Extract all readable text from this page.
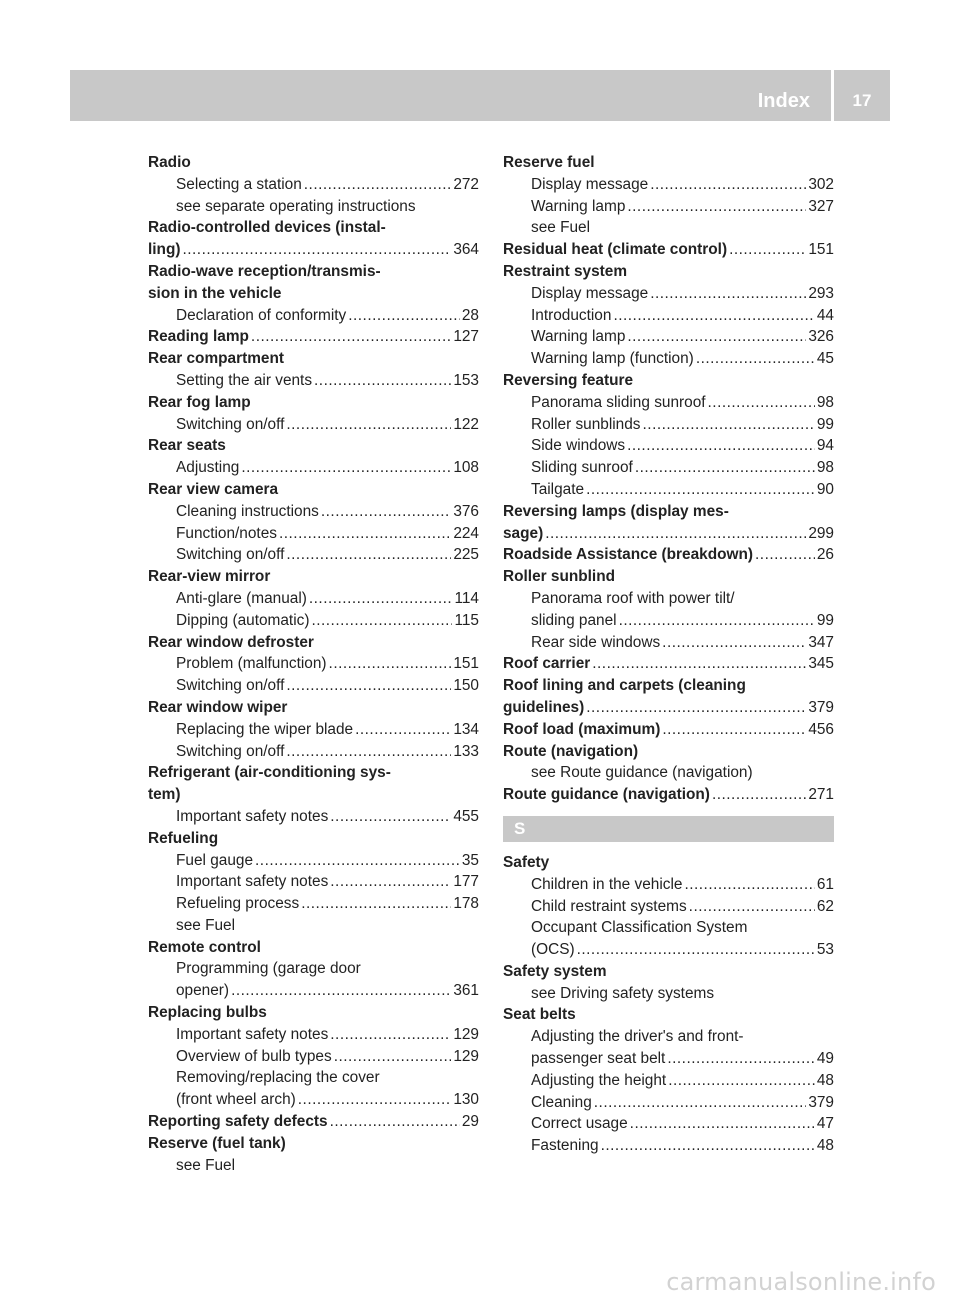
Index	17
Radio
Selecting a station .....	272
see separate operating instructions
Radio-controlled devices (instal-
ling) .....	364
Radio-wave reception/transmis-
sion in the vehicle
Declaration of conformity .....	28
Reading lamp .....	127
Rear compartment
Setting the air vents .....	153
Rear fog lamp
Switching on/off .....	122
Rear seats
Adjusting .....	108
Rear view camera
Cleaning instructions .....	376
Function/notes .....	224
Switching on/off .....	225
Rear-view mirror
Anti-glare (manual) .....	114
Dipping (automatic) .....	115
Rear window defroster
Problem (malfunction) .....	151
Switching on/off .....	150
Rear window wiper
Replacing the wiper blade .....	134
Switching on/off .....	133
Refrigerant (air-conditioning sys-
tem)
Important safety notes .....	455
Refueling
Fuel gauge .....	35
Important safety notes .....	177
Refueling process .....	178
see Fuel
Remote control
Programming (garage door
opener) .....	361
Replacing bulbs
Important safety notes .....	129
Overview of bulb types .....	129
Removing/replacing the cover
(front wheel arch) .....	130
Reporting safety defects .....	29
Reserve (fuel tank)
see Fuel
Reserve fuel
Display message .....	302
Warning lamp .....	327
see Fuel
Residual heat (climate control) .....	151
Restraint system
Display message .....	293
Introduction .....	44
Warning lamp .....	326
Warning lamp (function) .....	45
Reversing feature
Panorama sliding sunroof .....	98
Roller sunblinds .....	99
Side windows .....	94
Sliding sunroof .....	98
Tailgate .....	90
Reversing lamps (display mes-
sage) .....	299
Roadside Assistance (breakdown) .....	26
Roller sunblind
Panorama roof with power tilt/
sliding panel .....	99
Rear side windows .....	347
Roof carrier .....	345
Roof lining and carpets (cleaning
guidelines) .....	379
Roof load (maximum) .....	456
Route (navigation)
see Route guidance (navigation)
Route guidance (navigation) .....	271
S
Safety
Children in the vehicle .....	61
Child restraint systems .....	62
Occupant Classification System
(OCS) .....	53
Safety system
see Driving safety systems
Seat belts
Adjusting the driver's and front-
passenger seat belt .....	49
Adjusting the height .....	48
Cleaning .....	379
Correct usage .....	47
Fastening .....	48
carmanualsonline.info
